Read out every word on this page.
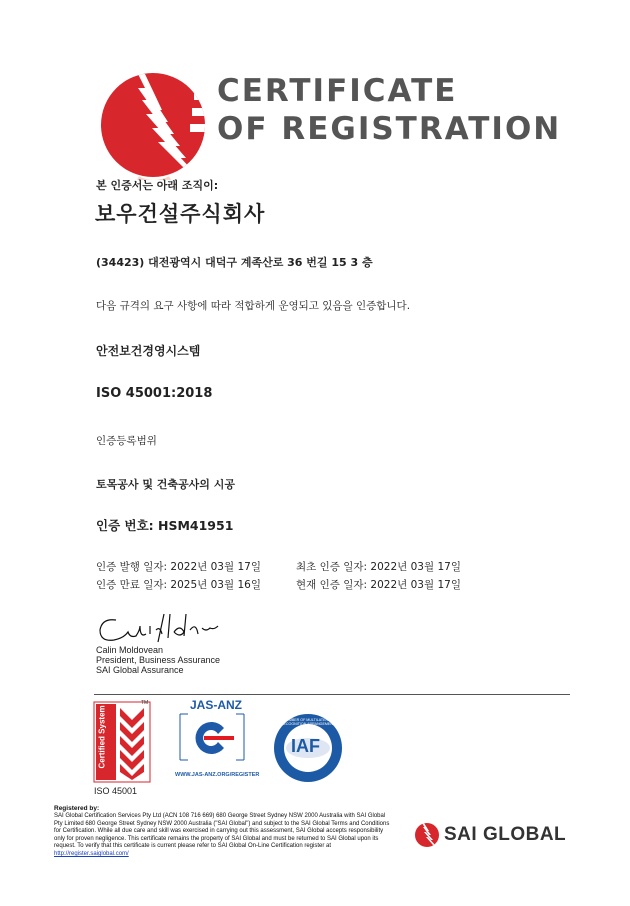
CERTIFICATE
OF REGISTRATION
본 인증서는 아래 조직이:
보우건설주식회사
(34423) 대전광역시 대덕구 계족산로 36 번길 15 3 층
다음 규격의 요구 사항에 따라 적합하게 운영되고 있음을 인증합니다.
안전보건경영시스템
ISO 45001:2018
인증등록범위
토목공사 및 건축공사의 시공
인증 번호: HSM41951
인증 발행 일자: 2022년 03월 17일	최초 인증 일자: 2022년 03월 17일
인증 만료 일자: 2025년 03월 16일	현재 인증 일자: 2022년 03월 17일
Calin Moldovean
President, Business Assurance
SAI Global Assurance
Certified System
TM
ISO 45001
JAS-ANZ
WWW.JAS-ANZ.ORG/REGISTER
IAF
MEMBER OF MULTILATERAL RECOGNITION ARRANGEMENT
Registered by:
SAI Global Certification Services Pty Ltd (ACN 108 716 669) 680 George Street Sydney NSW 2000 Australia with SAI Global
Pty Limited 680 George Street Sydney NSW 2000 Australia ("SAI Global") and subject to the SAI Global Terms and Conditions
for Certification. While all due care and skill was exercised in carrying out this assessment, SAI Global accepts responsibility
only for proven negligence. This certificate remains the property of SAI Global and must be returned to SAI Global upon its
request. To verify that this certificate is current please refer to SAI Global On-Line Certification register at
http://register.saiglobal.com/
SAI GLOBAL
